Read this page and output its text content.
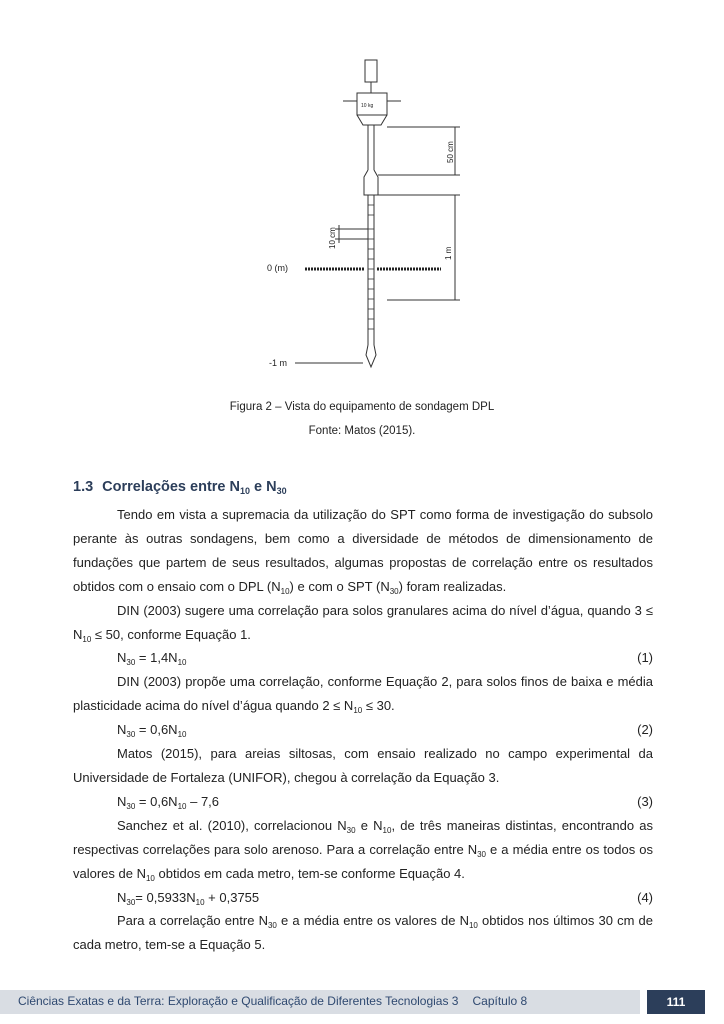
10 kg
50 cm
1 m
10 cm
0 (m)
-1 m
Figura 2 – Vista do equipamento de sondagem DPL
Fonte: Matos (2015).
1.3 Correlações entre $N_{10}$ e $N_{30}$
Tendo em vista a supremacia da utilização do SPT como forma de investigação do subsolo perante às outras sondagens, bem como a diversidade de métodos de dimensionamento de fundações que partem de seus resultados, algumas propostas de correlação entre os resultados obtidos com o ensaio com o DPL $(N_{10})$ e com o SPT $(N_{30})$ foram realizadas.
DIN (2003) sugere uma correlação para solos granulares acima do nível d’água, quando $3 \le N_{10} \le 50$, conforme Equação 1.
$N_{30} = 1,4N_{10}$	(1)
DIN (2003) propõe uma correlação, conforme Equação 2, para solos finos de baixa e média plasticidade acima do nível d’água quando $2 \le N_{10} \le 30$.
$N_{30} = 0,6N_{10}$	(2)
Matos (2015), para areias siltosas, com ensaio realizado no campo experimental da Universidade de Fortaleza (UNIFOR), chegou à correlação da Equação 3.
$N_{30} = 0,6N_{10} - 7,6$	(3)
Sanchez et al. (2010), correlacionou $N_{30}$ e $N_{10}$, de três maneiras distintas, encontrando as respectivas correlações para solo arenoso. Para a correlação entre $N_{30}$ e a média entre os todos os valores de $N_{10}$ obtidos em cada metro, tem-se conforme Equação 4.
$N_{30}= 0,5933N_{10} + 0,3755$	(4)
Para a correlação entre $N_{30}$ e a média entre os valores de $N_{10}$ obtidos nos últimos 30 cm de cada metro, tem-se a Equação 5.
Ciências Exatas e da Terra: Exploração e Qualificação de Diferentes Tecnologias 3 Capítulo 8	111
